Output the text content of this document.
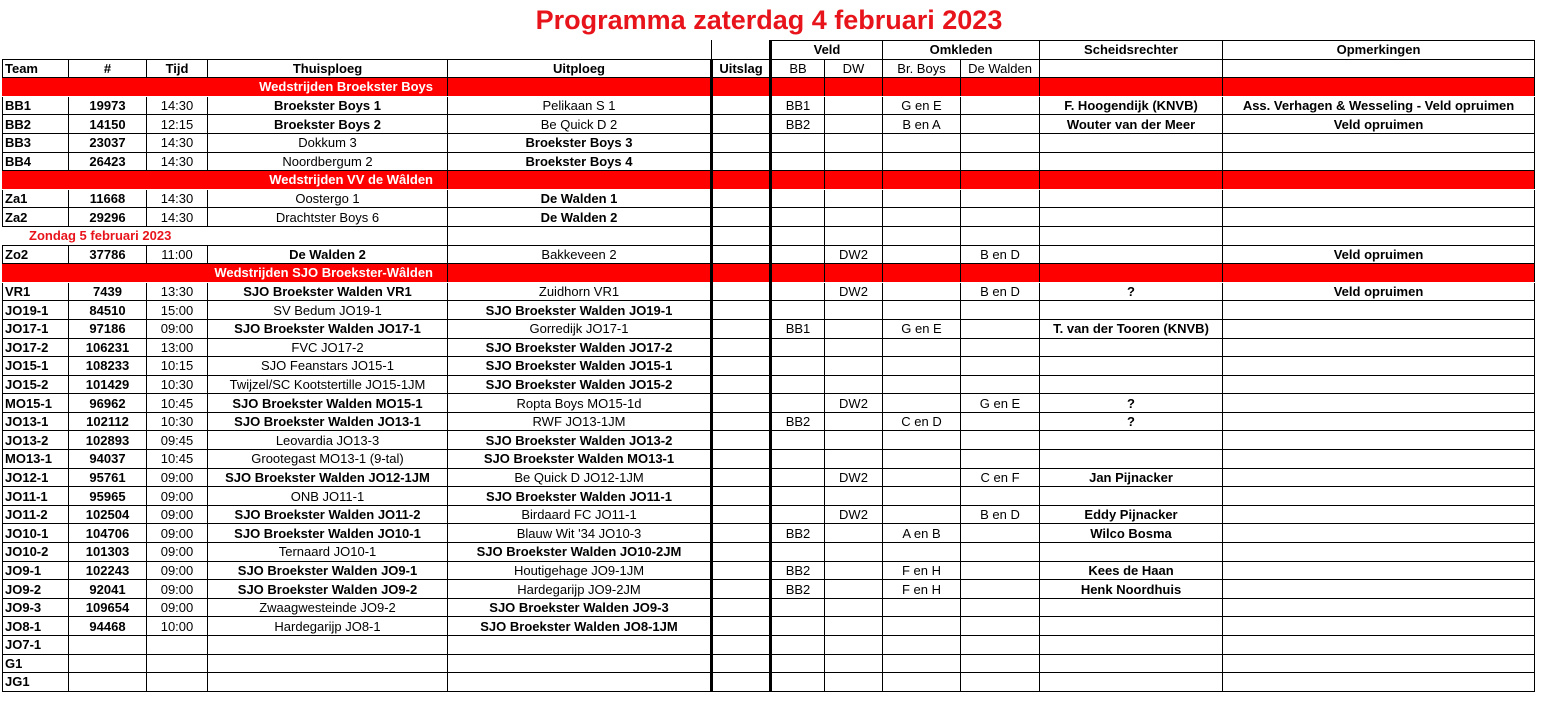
Programma zaterdag 4 februari 2023
						Veld		Omkleden		Scheidsrechter	Opmerkingen
Team	#	Tijd	Thuisploeg	Uitploeg	Uitslag	BB	DW	Br. Boys	De Walden		
Wedstrijden Broekster Boys											
BB1	19973	14:30	Broekster Boys 1	Pelikaan S 1		BB1		G en E		F. Hoogendijk (KNVB)	Ass. Verhagen & Wesseling - Veld opruimen
BB2	14150	12:15	Broekster Boys 2	Be Quick D 2		BB2		B en A		Wouter van der Meer	Veld opruimen
BB3	23037	14:30	Dokkum 3	Broekster Boys 3							
BB4	26423	14:30	Noordbergum 2	Broekster Boys 4							
Wedstrijden VV de Wâlden											
Za1	11668	14:30	Oostergo 1	De Walden 1							
Za2	29296	14:30	Drachtster Boys 6	De Walden 2							
Zondag 5 februari 2023											
Zo2	37786	11:00	De Walden 2	Bakkeveen 2			DW2		B en D		Veld opruimen
Wedstrijden SJO Broekster-Wâlden											
VR1	7439	13:30	SJO Broekster Walden VR1	Zuidhorn VR1			DW2		B en D	?	Veld opruimen
JO19-1	84510	15:00	SV Bedum JO19-1	SJO Broekster Walden JO19-1							
JO17-1	97186	09:00	SJO Broekster Walden JO17-1	Gorredijk JO17-1		BB1		G en E		T. van der Tooren (KNVB)	
JO17-2	106231	13:00	FVC JO17-2	SJO Broekster Walden JO17-2							
JO15-1	108233	10:15	SJO Feanstars JO15-1	SJO Broekster Walden JO15-1							
JO15-2	101429	10:30	Twijzel/SC Kootstertille JO15-1JM	SJO Broekster Walden JO15-2							
MO15-1	96962	10:45	SJO Broekster Walden MO15-1	Ropta Boys MO15-1d			DW2		G en E	?	
JO13-1	102112	10:30	SJO Broekster Walden JO13-1	RWF JO13-1JM		BB2		C en D		?	
JO13-2	102893	09:45	Leovardia JO13-3	SJO Broekster Walden JO13-2							
MO13-1	94037	10:45	Grootegast MO13-1 (9-tal)	SJO Broekster Walden MO13-1							
JO12-1	95761	09:00	SJO Broekster Walden JO12-1JM	Be Quick D JO12-1JM			DW2		C en F	Jan Pijnacker	
JO11-1	95965	09:00	ONB JO11-1	SJO Broekster Walden JO11-1							
JO11-2	102504	09:00	SJO Broekster Walden JO11-2	Birdaard FC JO11-1			DW2		B en D	Eddy Pijnacker	
JO10-1	104706	09:00	SJO Broekster Walden JO10-1	Blauw Wit '34 JO10-3		BB2		A en B		Wilco Bosma	
JO10-2	101303	09:00	Ternaard JO10-1	SJO Broekster Walden JO10-2JM							
JO9-1	102243	09:00	SJO Broekster Walden JO9-1	Houtigehage JO9-1JM		BB2		F en H		Kees de Haan	
JO9-2	92041	09:00	SJO Broekster Walden JO9-2	Hardegarijp JO9-2JM		BB2		F en H		Henk Noordhuis	
JO9-3	109654	09:00	Zwaagwesteinde JO9-2	SJO Broekster Walden JO9-3							
JO8-1	94468	10:00	Hardegarijp JO8-1	SJO Broekster Walden JO8-1JM							
JO7-1											
G1											
JG1											
